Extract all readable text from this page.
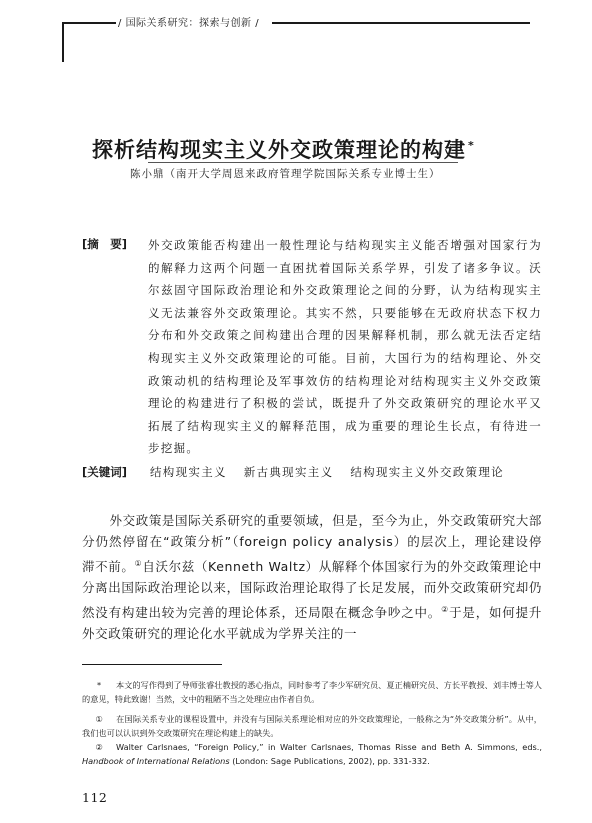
/ 国际关系研究：探索与创新 /
探析结构现实主义外交政策理论的构建 *
陈小鼎（南开大学周恩来政府管理学院国际关系专业博士生）
[摘　要] 外交政策能否构建出一般性理论与结构现实主义能否增强对国家行为的解释力这两个问题一直困扰着国际关系学界，引发了诸多争议。沃尔兹固守国际政治理论和外交政策理论之间的分野，认为结构现实主义无法兼容外交政策理论。其实不然，只要能够在无政府状态下权力分布和外交政策之间构建出合理的因果解释机制，那么就无法否定结构现实主义外交政策理论的可能。目前，大国行为的结构理论、外交政策动机的结构理论及军事效仿的结构理论对结构现实主义外交政策理论的构建进行了积极的尝试，既提升了外交政策研究的理论水平又拓展了结构现实主义的解释范围，成为重要的理论生长点，有待进一步挖掘。
[关键词] 结构现实主义 新古典现实主义 结构现实主义外交政策理论
外交政策是国际关系研究的重要领域，但是，至今为止，外交政策研究大部分仍然停留在“政策分析”（foreign policy analysis）的层次上，理论建设停滞不前。①自沃尔兹（Kenneth Waltz）从解释个体国家行为的外交政策理论中分离出国际政治理论以来，国际政治理论取得了长足发展，而外交政策研究却仍然没有构建出较为完善的理论体系，还局限在概念争吵之中。②于是，如何提升外交政策研究的理论化水平就成为学界关注的一
* 本文的写作得到了导师张睿壮教授的悉心指点，同时参考了李少军研究员、夏正楠研究员、方长平教授、刘丰博士等人的意见，特此致谢！当然，文中的粗陋不当之处理应由作者自负。
① 在国际关系专业的课程设置中，并没有与国际关系理论相对应的外交政策理论，一般称之为“外交政策分析”。从中，我们也可以认识到外交政策研究在理论构建上的缺失。
② Walter Carlsnaes, “Foreign Policy,” in Walter Carlsnaes, Thomas Risse and Beth A. Simmons, eds., Handbook of International Relations (London: Sage Publications, 2002), pp. 331-332.
112
